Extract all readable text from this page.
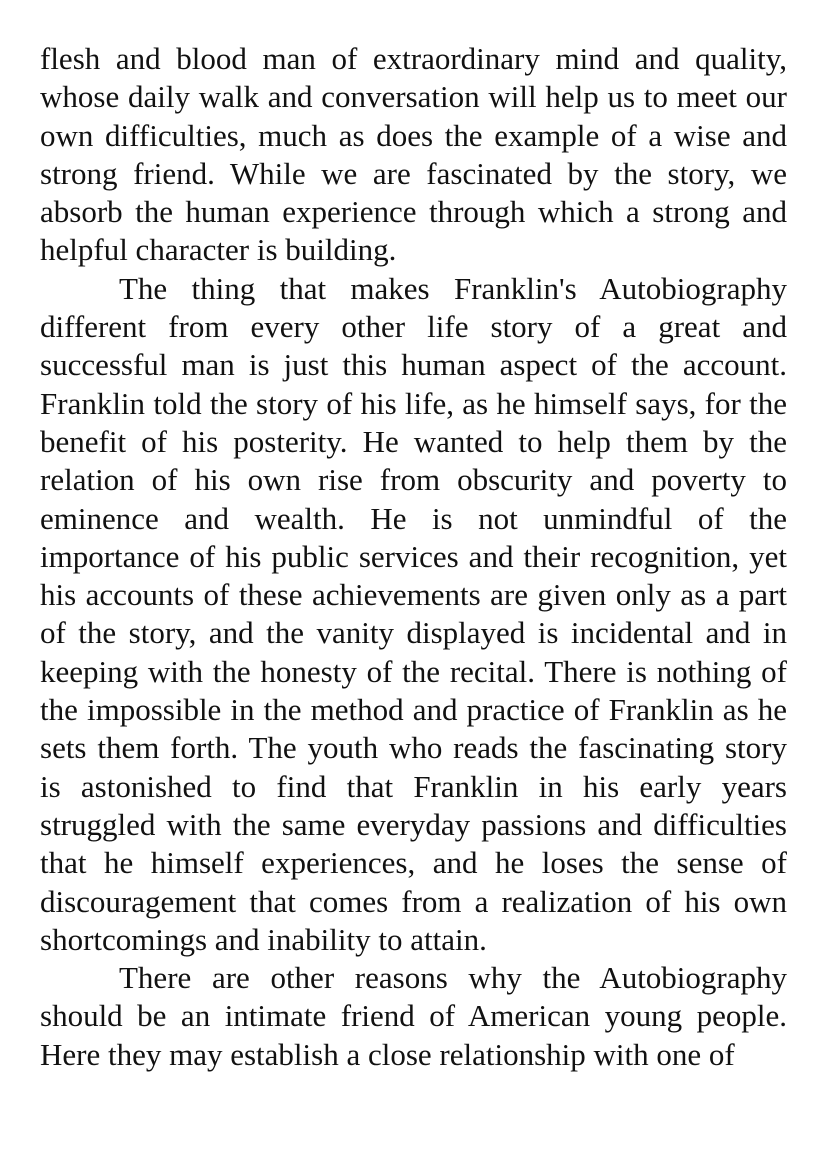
flesh and blood man of extraordinary mind and quality, whose daily walk and conversation will help us to meet our own difficulties, much as does the example of a wise and strong friend. While we are fascinated by the story, we absorb the human experience through which a strong and helpful character is building.

The thing that makes Franklin's Autobiography different from every other life story of a great and successful man is just this human aspect of the account. Franklin told the story of his life, as he himself says, for the benefit of his posterity. He wanted to help them by the relation of his own rise from obscurity and poverty to eminence and wealth. He is not unmindful of the importance of his public services and their recognition, yet his accounts of these achievements are given only as a part of the story, and the vanity displayed is incidental and in keeping with the honesty of the recital. There is nothing of the impossible in the method and practice of Franklin as he sets them forth. The youth who reads the fascinating story is astonished to find that Franklin in his early years struggled with the same everyday passions and difficulties that he himself experiences, and he loses the sense of discouragement that comes from a realization of his own shortcomings and inability to attain.

There are other reasons why the Autobiography should be an intimate friend of American young people. Here they may establish a close relationship with one of
